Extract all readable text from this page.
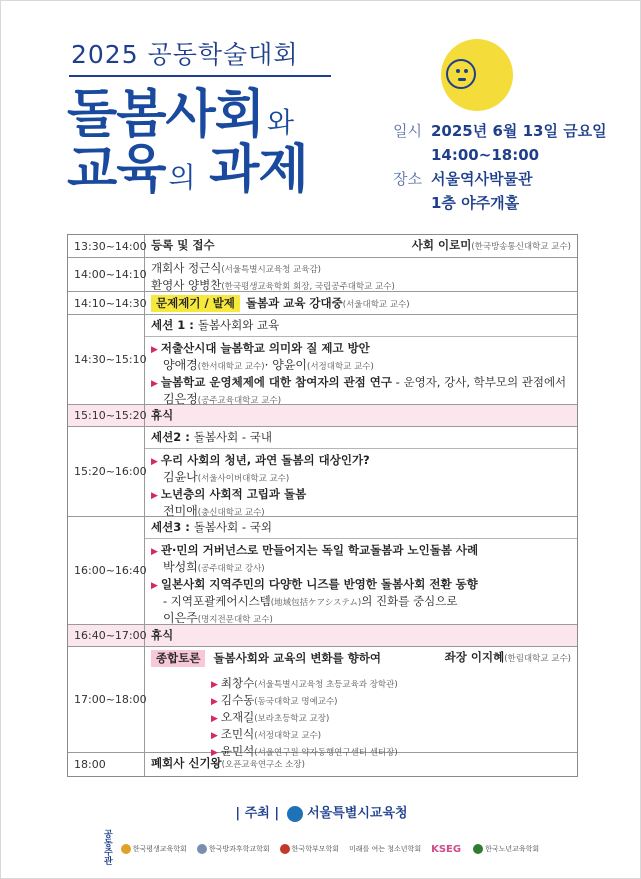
2025 공동학술대회
돌봄사회 와
교육 의 과제
일시 2025년 6월 13일 금요일
14:00~18:00
장소 서울역사박물관
1층 야주개홀
13:30~14:00 등록 및 접수	사회 이로미(한국방송통신대학교 교수)
14:00~14:10 개회사 정근식(서울특별시교육청 교육감)
환영사 양병찬(한국평생교육학회 회장, 국립공주대학교 교수)
14:10~14:30 문제제기 / 발제 돌봄과 교육 강대중(서울대학교 교수)
14:30~15:10
세션 1 : 돌봄사회와 교육
▶ 저출산시대 늘봄학교 의미와 질 제고 방안
양애경(한서대학교 교수)· 양윤이(서정대학교 교수)
▶ 늘봄학교 운영체제에 대한 참여자의 관점 연구 - 운영자, 강사, 학부모의 관점에서
김은정(공주교육대학교 교수)
15:10~15:20 휴식
15:20~16:00
세션2 : 돌봄사회 - 국내
▶ 우리 사회의 청년, 과연 돌봄의 대상인가?
김윤나(서울사이버대학교 교수)
▶ 노년층의 사회적 고립과 돌봄
전미애(충신대학교 교수)
16:00~16:40
세션3 : 돌봄사회 - 국외
▶ 관·민의 거버넌스로 만들어지는 독일 학교돌봄과 노인돌봄 사례
박성희(공주대학교 강사)
▶ 일본사회 지역주민의 다양한 니즈를 반영한 돌봄사회 전환 동향
- 지역포괄케어시스템(地域包括ケアシステム)의 진화를 중심으로
이은주(명지전문대학 교수)
16:40~17:00 휴식
17:00~18:00
종합토론 돌봄사회와 교육의 변화를 향하여	좌장 이지혜(한림대학교 교수)
▶ 최창수(서울특별시교육청 초등교육과 장학관)
▶ 김수동(동국대학교 명예교수)
▶ 오재길(보라초등학교 교장)
▶ 조민식(서정대학교 교수)
▶ 윤민석(서울연구원 약자동행연구센터 센터장)
18:00	폐회사 신기왕(오픈교육연구소 소장)
| 주최 | 서울특별시교육청
공동주관
한국평생교육학회	한국방과후학교학회	한국학부모학회 미래를 여는 청소년학회 KSEG	한국노년교육학회
